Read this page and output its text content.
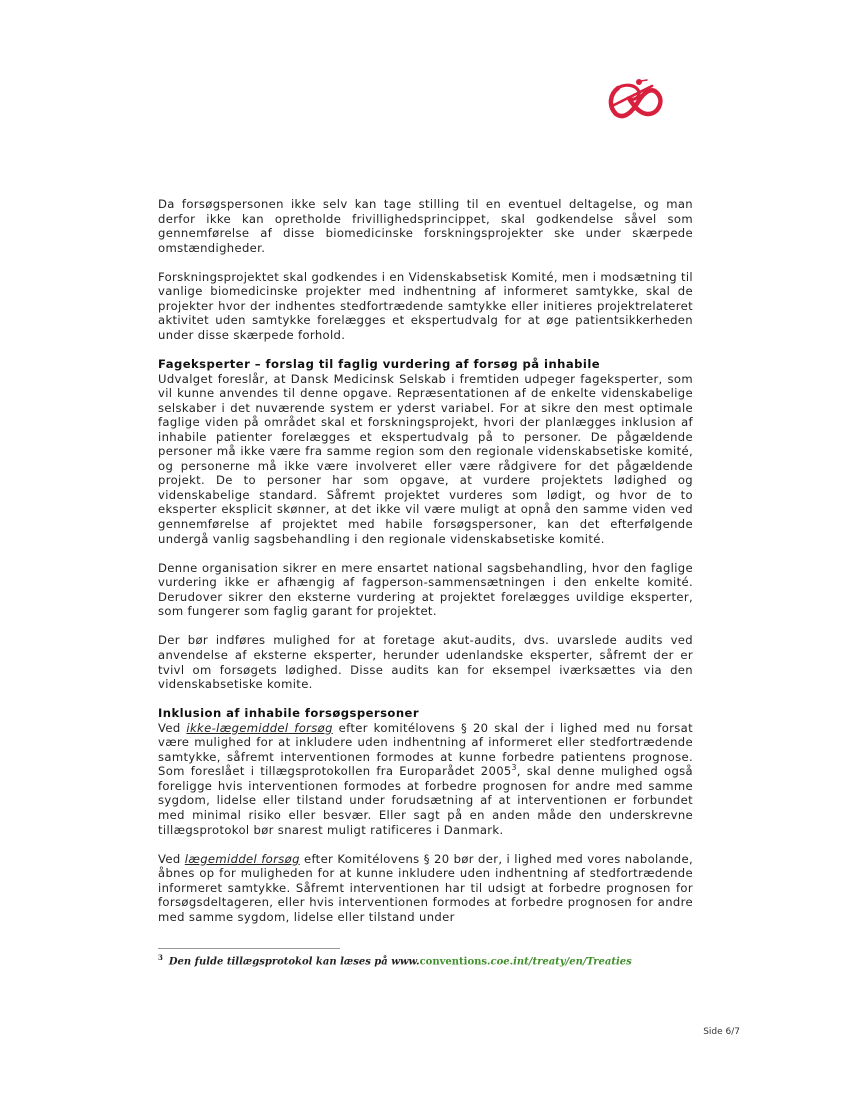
Da forsøgspersonen ikke selv kan tage stilling til en eventuel deltagelse, og man derfor ikke kan opretholde frivillighedsprincippet, skal godkendelse såvel som gennemførelse af disse biomedicinske forskningsprojekter ske under skærpede omstændigheder.

Forskningsprojektet skal godkendes i en Videnskabsetisk Komité, men i modsætning til vanlige biomedicinske projekter med indhentning af informeret samtykke, skal de projekter hvor der indhentes stedfortrædende samtykke eller initieres projektrelateret aktivitet uden samtykke forelægges et ekspertudvalg for at øge patientsikkerheden under disse skærpede forhold.

Fageksperter – forslag til faglig vurdering af forsøg på inhabile

Udvalget foreslår, at Dansk Medicinsk Selskab i fremtiden udpeger fageksperter, som vil kunne anvendes til denne opgave. Repræsentationen af de enkelte videnskabelige selskaber i det nuværende system er yderst variabel. For at sikre den mest optimale faglige viden på området skal et forskningsprojekt, hvori der planlægges inklusion af inhabile patienter forelægges et ekspertudvalg på to personer. De pågældende personer må ikke være fra samme region som den regionale videnskabsetiske komité, og personerne må ikke være involveret eller være rådgivere for det pågældende projekt. De to personer har som opgave, at vurdere projektets lødighed og videnskabelige standard. Såfremt projektet vurderes som lødigt, og hvor de to eksperter eksplicit skønner, at det ikke vil være muligt at opnå den samme viden ved gennemførelse af projektet med habile forsøgspersoner, kan det efterfølgende undergå vanlig sagsbehandling i den regionale videnskabsetiske komité.

Denne organisation sikrer en mere ensartet national sagsbehandling, hvor den faglige vurdering ikke er afhængig af fagperson-sammensætningen i den enkelte komité. Derudover sikrer den eksterne vurdering at projektet forelægges uvildige eksperter, som fungerer som faglig garant for projektet.

Der bør indføres mulighed for at foretage akut-audits, dvs. uvarslede audits ved anvendelse af eksterne eksperter, herunder udenlandske eksperter, såfremt der er tvivl om forsøgets lødighed. Disse audits kan for eksempel iværksættes via den videnskabsetiske komite.

Inklusion af inhabile forsøgspersoner

Ved ikke-lægemiddel forsøg efter komitélovens § 20 skal der i lighed med nu forsat være mulighed for at inkludere uden indhentning af informeret eller stedfortrædende samtykke, såfremt interventionen formodes at kunne forbedre patientens prognose. Som foreslået i tillægsprotokollen fra Europarådet 2005$^3$, skal denne mulighed også foreligge hvis interventionen formodes at forbedre prognosen for andre med samme sygdom, lidelse eller tilstand under forudsætning af at interventionen er forbundet med minimal risiko eller besvær. Eller sagt på en anden måde den underskrevne tillægsprotokol bør snarest muligt ratificeres i Danmark.

Ved lægemiddel forsøg efter Komitélovens § 20 bør der, i lighed med vores nabolande, åbnes op for muligheden for at kunne inkludere uden indhentning af stedfortrædende informeret samtykke. Såfremt interventionen har til udsigt at forbedre prognosen for forsøgsdeltageren, eller hvis interventionen formodes at forbedre prognosen for andre med samme sygdom, lidelse eller tilstand under

$^3$ Den fulde tillægsprotokol kan læses på www.conventions.coe.int/treaty/en/Treaties
Side 6/7
